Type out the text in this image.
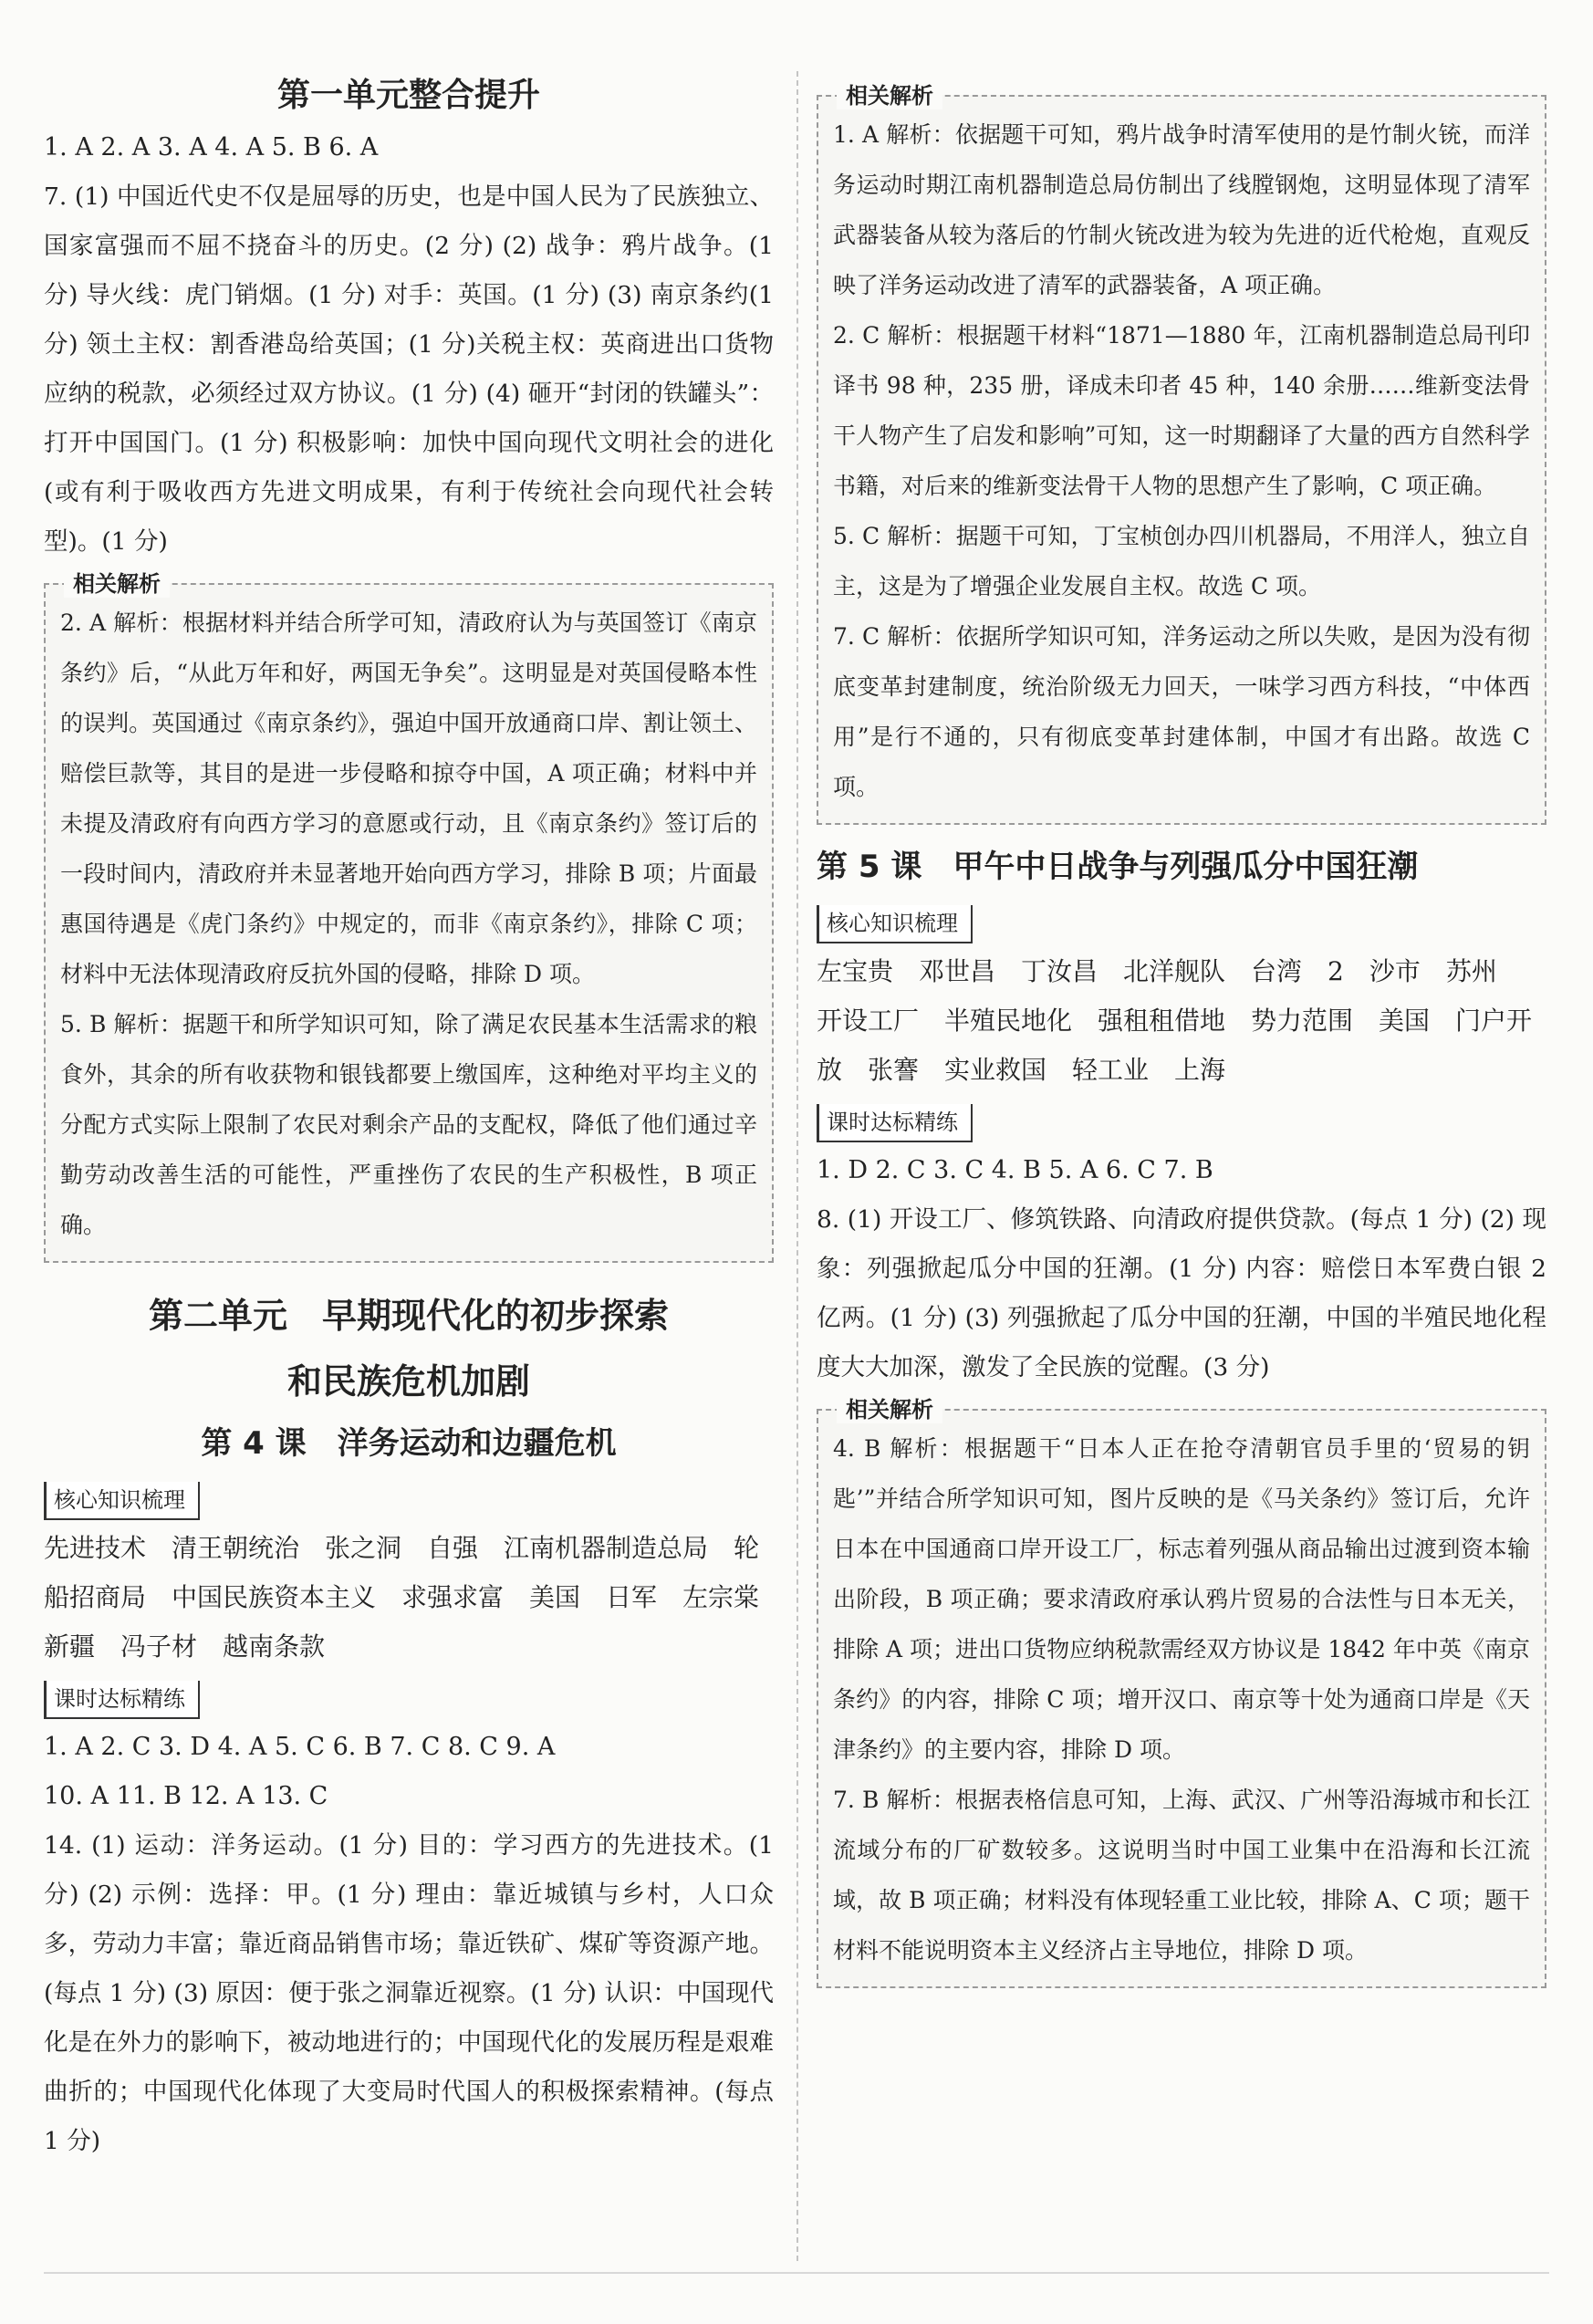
第一单元整合提升

1. A 2. A 3. A 4. A 5. B 6. A

7. (1) 中国近代史不仅是屈辱的历史，也是中国人民为了民族独立、国家富强而不屈不挠奋斗的历史。(2 分) (2) 战争：鸦片战争。(1 分) 导火线：虎门销烟。(1 分) 对手：英国。(1 分) (3) 南京条约(1 分) 领土主权：割香港岛给英国；(1 分)关税主权：英商进出口货物应纳的税款，必须经过双方协议。(1 分) (4) 砸开“封闭的铁罐头”：打开中国国门。(1 分) 积极影响：加快中国向现代文明社会的进化(或有利于吸收西方先进文明成果，有利于传统社会向现代社会转型)。(1 分)

相关解析

2. A 解析：根据材料并结合所学可知，清政府认为与英国签订《南京条约》后，“从此万年和好，两国无争矣”。这明显是对英国侵略本性的误判。英国通过《南京条约》，强迫中国开放通商口岸、割让领土、赔偿巨款等，其目的是进一步侵略和掠夺中国，A 项正确；材料中并未提及清政府有向西方学习的意愿或行动，且《南京条约》签订后的一段时间内，清政府并未显著地开始向西方学习，排除 B 项；片面最惠国待遇是《虎门条约》中规定的，而非《南京条约》，排除 C 项；材料中无法体现清政府反抗外国的侵略，排除 D 项。

5. B 解析：据题干和所学知识可知，除了满足农民基本生活需求的粮食外，其余的所有收获物和银钱都要上缴国库，这种绝对平均主义的分配方式实际上限制了农民对剩余产品的支配权，降低了他们通过辛勤劳动改善生活的可能性，严重挫伤了农民的生产积极性，B 项正确。

第二单元　早期现代化的初步探索
和民族危机加剧
第 4 课　洋务运动和边疆危机
核心知识梳理

先进技术　清王朝统治　张之洞　自强　江南机器制造总局　轮船招商局　中国民族资本主义　求强求富　美国　日军　左宗棠　新疆　冯子材　越南条款

课时达标精练

1. A 2. C 3. D 4. A 5. C 6. B 7. C 8. C 9. A

10. A 11. B 12. A 13. C

14. (1) 运动：洋务运动。(1 分) 目的：学习西方的先进技术。(1 分) (2) 示例：选择：甲。(1 分) 理由：靠近城镇与乡村，人口众多，劳动力丰富；靠近商品销售市场；靠近铁矿、煤矿等资源产地。(每点 1 分) (3) 原因：便于张之洞靠近视察。(1 分) 认识：中国现代化是在外力的影响下，被动地进行的；中国现代化的发展历程是艰难曲折的；中国现代化体现了大变局时代国人的积极探索精神。(每点 1 分)

相关解析

1. A 解析：依据题干可知，鸦片战争时清军使用的是竹制火铳，而洋务运动时期江南机器制造总局仿制出了线膛钢炮，这明显体现了清军武器装备从较为落后的竹制火铳改进为较为先进的近代枪炮，直观反映了洋务运动改进了清军的武器装备，A 项正确。

2. C 解析：根据题干材料“1871—1880 年，江南机器制造总局刊印译书 98 种，235 册，译成未印者 45 种，140 余册……维新变法骨干人物产生了启发和影响”可知，这一时期翻译了大量的西方自然科学书籍，对后来的维新变法骨干人物的思想产生了影响，C 项正确。

5. C 解析：据题干可知，丁宝桢创办四川机器局，不用洋人，独立自主，这是为了增强企业发展自主权。故选 C 项。

7. C 解析：依据所学知识可知，洋务运动之所以失败，是因为没有彻底变革封建制度，统治阶级无力回天，一味学习西方科技，“中体西用”是行不通的，只有彻底变革封建体制，中国才有出路。故选 C 项。

第 5 课　甲午中日战争与列强瓜分中国狂潮
核心知识梳理

左宝贵　邓世昌　丁汝昌　北洋舰队　台湾　2　沙市　苏州　开设工厂　半殖民地化　强租租借地　势力范围　美国　门户开放　张謇　实业救国　轻工业　上海

课时达标精练

1. D 2. C 3. C 4. B 5. A 6. C 7. B

8. (1) 开设工厂、修筑铁路、向清政府提供贷款。(每点 1 分) (2) 现象：列强掀起瓜分中国的狂潮。(1 分) 内容：赔偿日本军费白银 2 亿两。(1 分) (3) 列强掀起了瓜分中国的狂潮，中国的半殖民地化程度大大加深，激发了全民族的觉醒。(3 分)

相关解析

4. B 解析：根据题干“日本人正在抢夺清朝官员手里的‘贸易的钥匙’”并结合所学知识可知，图片反映的是《马关条约》签订后，允许日本在中国通商口岸开设工厂，标志着列强从商品输出过渡到资本输出阶段，B 项正确；要求清政府承认鸦片贸易的合法性与日本无关，排除 A 项；进出口货物应纳税款需经双方协议是 1842 年中英《南京条约》的内容，排除 C 项；增开汉口、南京等十处为通商口岸是《天津条约》的主要内容，排除 D 项。

7. B 解析：根据表格信息可知，上海、武汉、广州等沿海城市和长江流域分布的厂矿数较多。这说明当时中国工业集中在沿海和长江流域，故 B 项正确；材料没有体现轻重工业比较，排除 A、C 项；题干材料不能说明资本主义经济占主导地位，排除 D 项。
